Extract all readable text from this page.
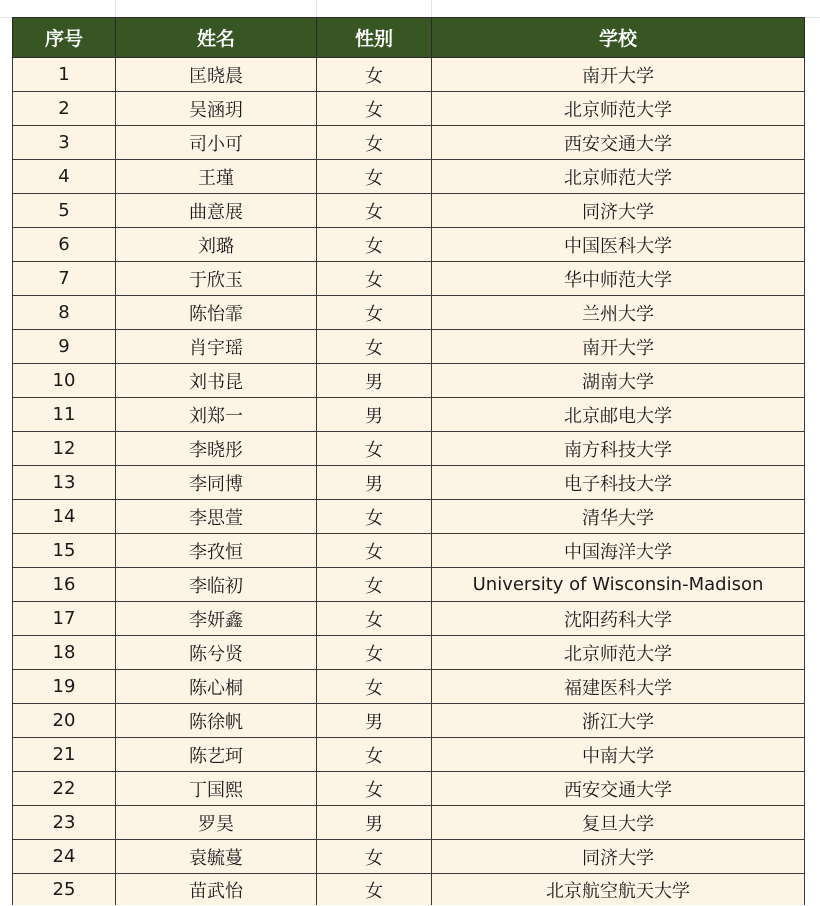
序号	姓名	性别	学校
1	匡晓晨	女	南开大学
2	吴涵玥	女	北京师范大学
3	司小可	女	西安交通大学
4	王瑾	女	北京师范大学
5	曲意展	女	同济大学
6	刘璐	女	中国医科大学
7	于欣玉	女	华中师范大学
8	陈怡霏	女	兰州大学
9	肖宇瑶	女	南开大学
10	刘书昆	男	湖南大学
11	刘郑一	男	北京邮电大学
12	李晓彤	女	南方科技大学
13	李同博	男	电子科技大学
14	李思萱	女	清华大学
15	李孜恒	女	中国海洋大学
16	李临初	女	University of Wisconsin-Madison
17	李妍鑫	女	沈阳药科大学
18	陈兮贤	女	北京师范大学
19	陈心桐	女	福建医科大学
20	陈徐帆	男	浙江大学
21	陈艺珂	女	中南大学
22	丁国熙	女	西安交通大学
23	罗昊	男	复旦大学
24	袁毓蔓	女	同济大学
25	苗武怡	女	北京航空航天大学
